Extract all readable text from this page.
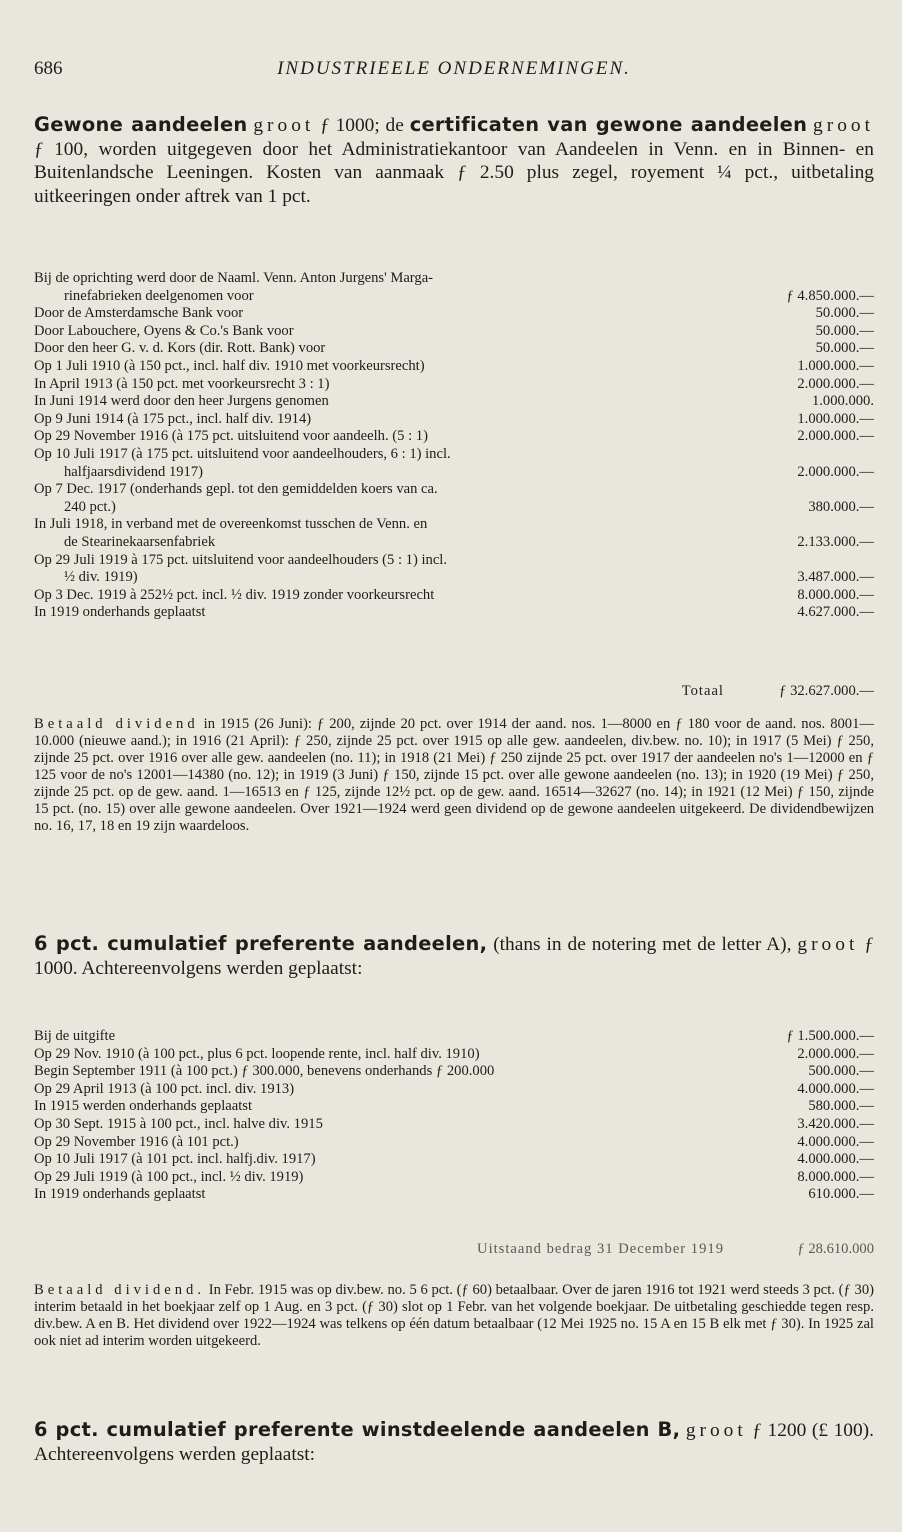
686	INDUSTRIEELE ONDERNEMINGEN.
Gewone aandeelen groot ƒ 1000; de certificaten van gewone aandeelen groot ƒ 100, worden uitgegeven door het Administratiekantoor van Aandeelen in Venn. en in Binnen- en Buitenlandsche Leeningen. Kosten van aanmaak ƒ 2.50 plus zegel, royement ¼ pct., uitbetaling uitkeeringen onder aftrek van 1 pct.
Bij de oprichting werd door de Naaml. Venn. Anton Jurgens' Marga-
rinefabrieken deelgenomen voor	ƒ 4.850.000.—
Door de Amsterdamsche Bank voor	50.000.—
Door Labouchere, Oyens & Co.'s Bank voor	50.000.—
Door den heer G. v. d. Kors (dir. Rott. Bank) voor	50.000.—
Op 1 Juli 1910 (à 150 pct., incl. half div. 1910 met voorkeursrecht)	1.000.000.—
In April 1913 (à 150 pct. met voorkeursrecht 3 : 1)	2.000.000.—
In Juni 1914 werd door den heer Jurgens genomen	1.000.000.
Op 9 Juni 1914 (à 175 pct., incl. half div. 1914)	1.000.000.—
Op 29 November 1916 (à 175 pct. uitsluitend voor aandeelh. (5 : 1)	2.000.000.—
Op 10 Juli 1917 (à 175 pct. uitsluitend voor aandeelhouders, 6 : 1) incl.
halfjaarsdividend 1917)	2.000.000.—
Op 7 Dec. 1917 (onderhands gepl. tot den gemiddelden koers van ca.
240 pct.)	380.000.—
In Juli 1918, in verband met de overeenkomst tusschen de Venn. en
de Stearinekaarsenfabriek	2.133.000.—
Op 29 Juli 1919 à 175 pct. uitsluitend voor aandeelhouders (5 : 1) incl.
½ div. 1919)	3.487.000.—
Op 3 Dec. 1919 à 252½ pct. incl. ½ div. 1919 zonder voorkeursrecht	8.000.000.—
In 1919 onderhands geplaatst	4.627.000.—
Totaal	ƒ 32.627.000.—
Betaald dividend in 1915 (26 Juni): ƒ 200, zijnde 20 pct. over 1914 der aand. nos. 1—8000 en ƒ 180 voor de aand. nos. 8001—10.000 (nieuwe aand.); in 1916 (21 April): ƒ 250, zijnde 25 pct. over 1915 op alle gew. aandeelen, div.bew. no. 10); in 1917 (5 Mei) ƒ 250, zijnde 25 pct. over 1916 over alle gew. aandeelen (no. 11); in 1918 (21 Mei) ƒ 250 zijnde 25 pct. over 1917 der aandeelen no's 1—12000 en ƒ 125 voor de no's 12001—14380 (no. 12); in 1919 (3 Juni) ƒ 150, zijnde 15 pct. over alle gewone aandeelen (no. 13); in 1920 (19 Mei) ƒ 250, zijnde 25 pct. op de gew. aand. 1—16513 en ƒ 125, zijnde 12½ pct. op de gew. aand. 16514—32627 (no. 14); in 1921 (12 Mei) ƒ 150, zijnde 15 pct. (no. 15) over alle gewone aandeelen. Over 1921—1924 werd geen dividend op de gewone aandeelen uitgekeerd. De dividendbewijzen no. 16, 17, 18 en 19 zijn waardeloos.
6 pct. cumulatief preferente aandeelen, (thans in de notering met de letter A), groot ƒ 1000. Achtereenvolgens werden geplaatst:
Bij de uitgifte	ƒ 1.500.000.—
Op 29 Nov. 1910 (à 100 pct., plus 6 pct. loopende rente, incl. half div. 1910)	2.000.000.—
Begin September 1911 (à 100 pct.) ƒ 300.000, benevens onderhands ƒ 200.000	500.000.—
Op 29 April 1913 (à 100 pct. incl. div. 1913)	4.000.000.—
In 1915 werden onderhands geplaatst	580.000.—
Op 30 Sept. 1915 à 100 pct., incl. halve div. 1915	3.420.000.—
Op 29 November 1916 (à 101 pct.)	4.000.000.—
Op 10 Juli 1917 (à 101 pct. incl. halfj.div. 1917)	4.000.000.—
Op 29 Juli 1919 (à 100 pct., incl. ½ div. 1919)	8.000.000.—
In 1919 onderhands geplaatst	610.000.—
Uitstaand bedrag 31 December 1919	ƒ 28.610.000
Betaald dividend. In Febr. 1915 was op div.bew. no. 5 6 pct. (ƒ 60) betaalbaar. Over de jaren 1916 tot 1921 werd steeds 3 pct. (ƒ 30) interim betaald in het boekjaar zelf op 1 Aug. en 3 pct. (ƒ 30) slot op 1 Febr. van het volgende boekjaar. De uitbetaling geschiedde tegen resp. div.bew. A en B. Het dividend over 1922—1924 was telkens op één datum betaalbaar (12 Mei 1925 no. 15 A en 15 B elk met ƒ 30). In 1925 zal ook niet ad interim worden uitgekeerd.
6 pct. cumulatief preferente winstdeelende aandeelen B, groot ƒ 1200 (£ 100). Achtereenvolgens werden geplaatst:
